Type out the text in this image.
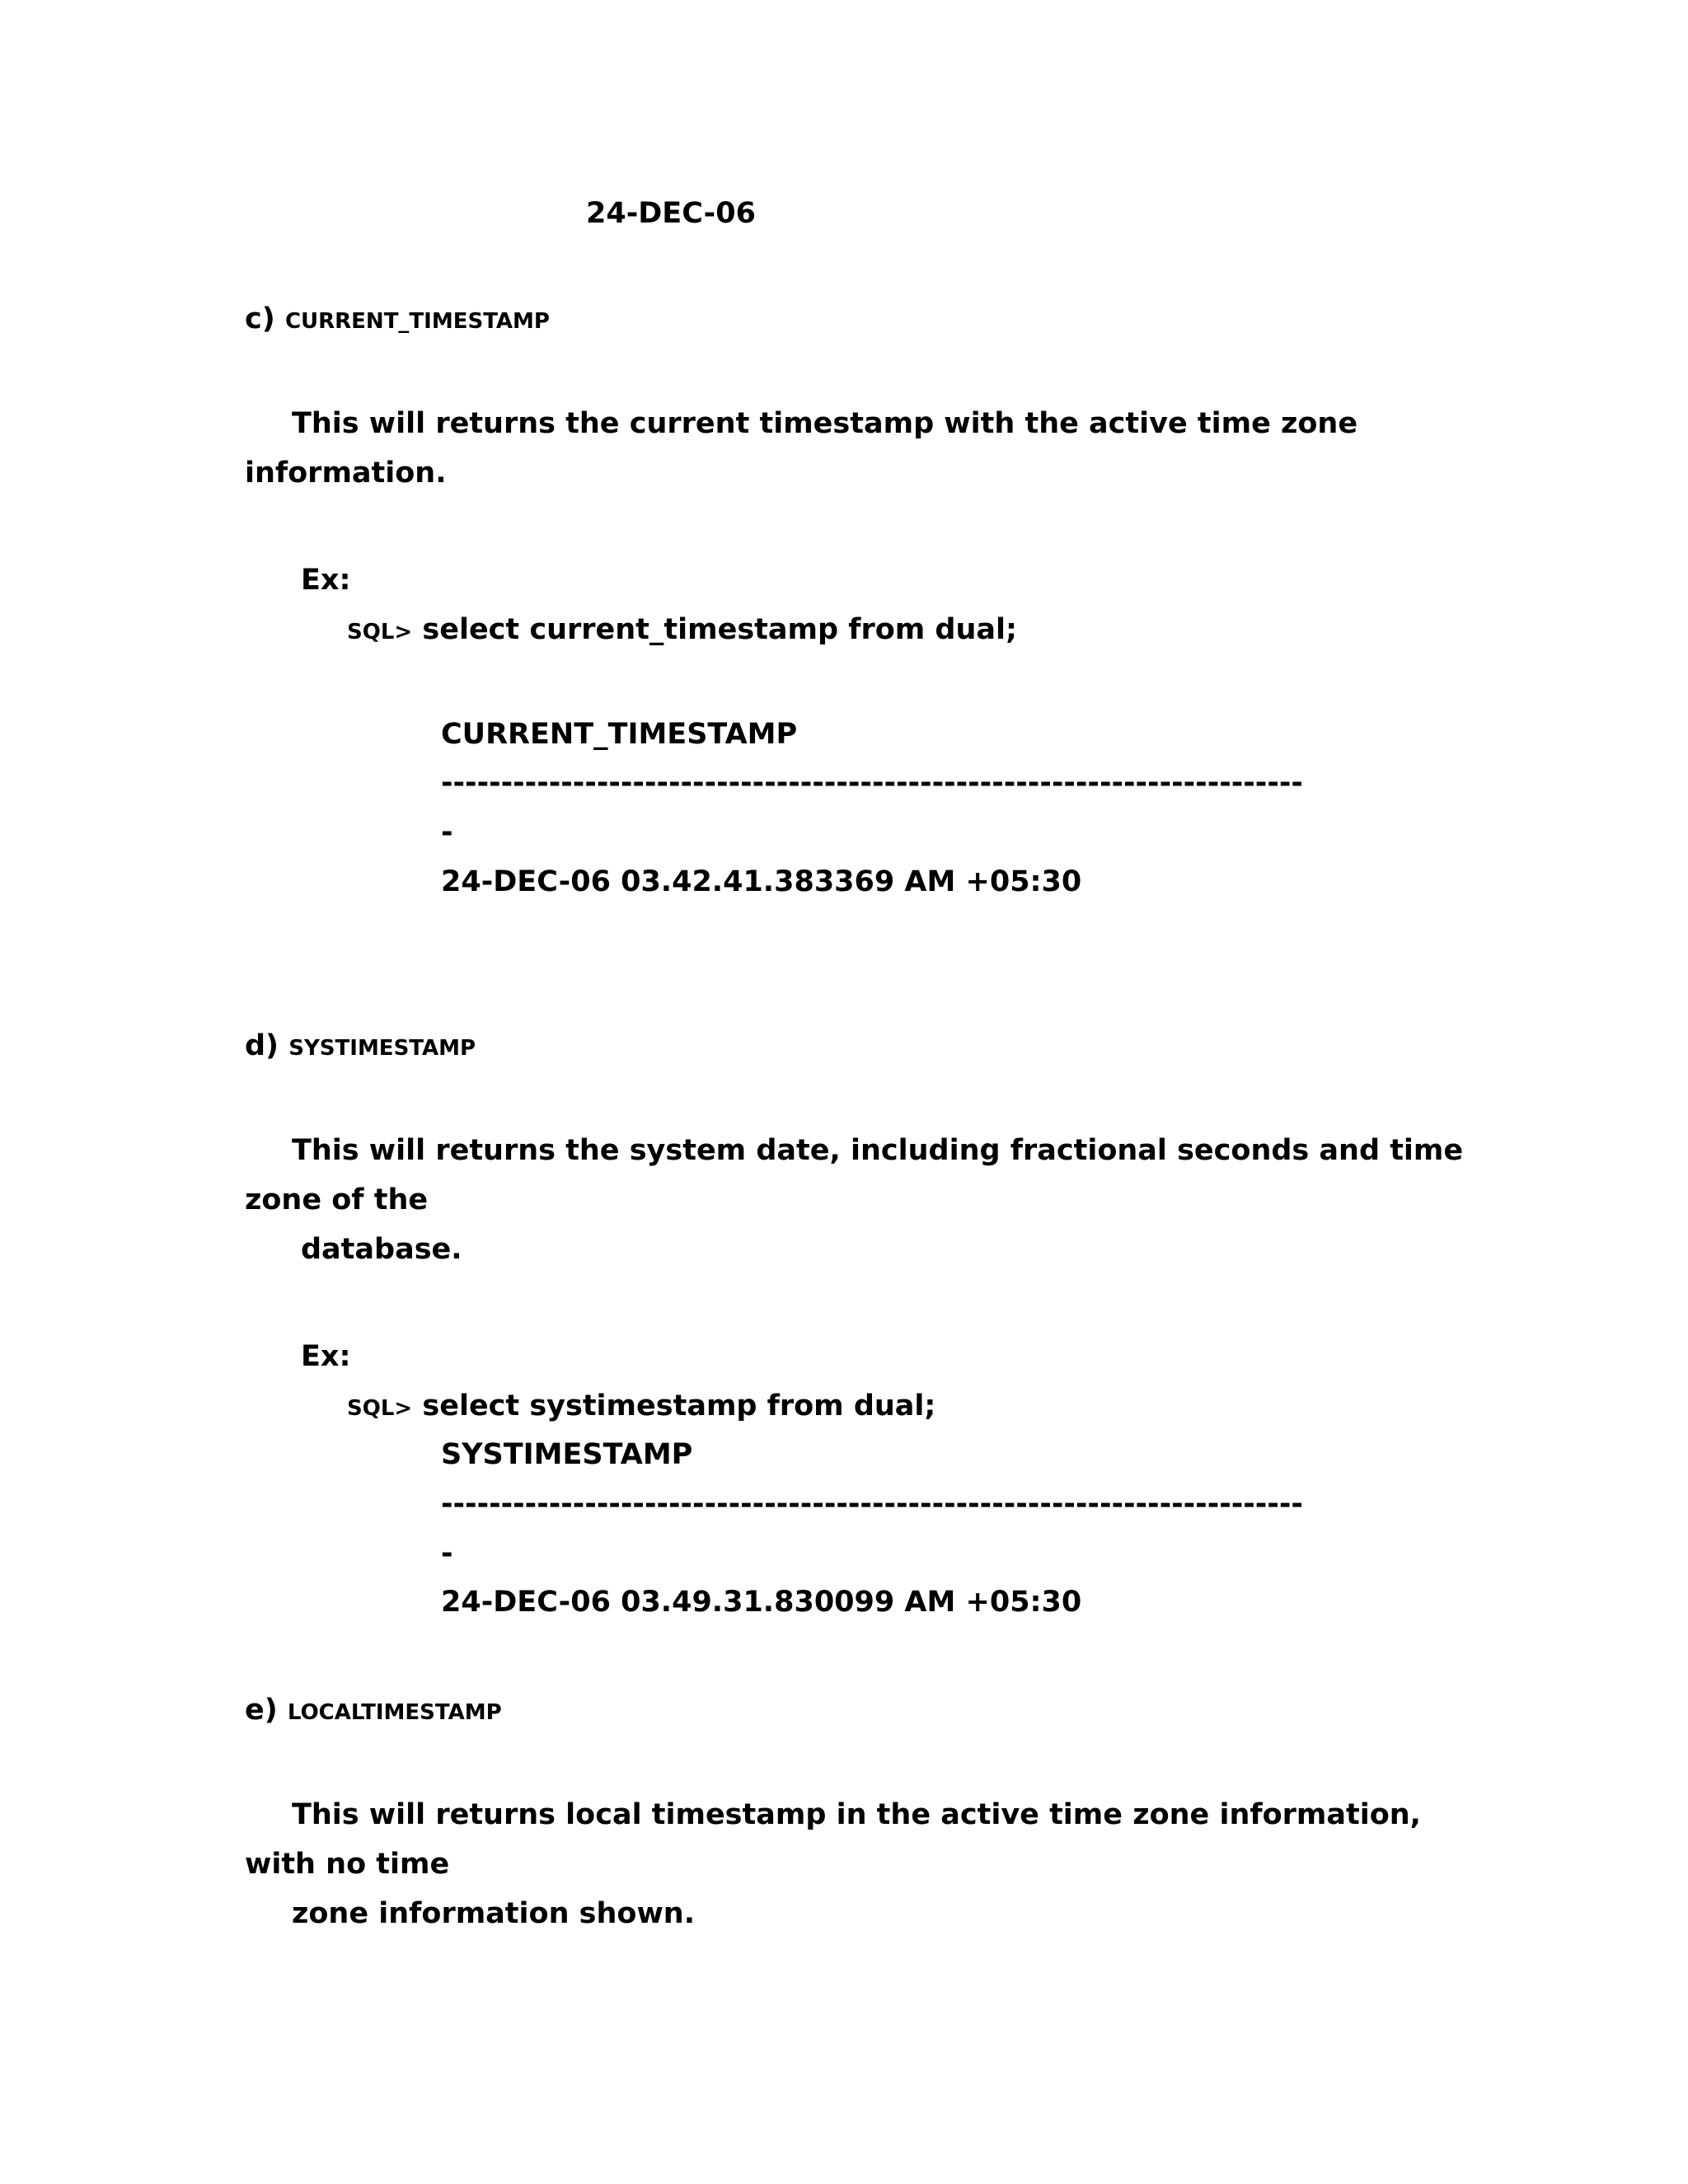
24-DEC-06
c) CURRENT_TIMESTAMP
This will returns the current timestamp with the active time zone
information.
Ex:
SQL> select current_timestamp from dual;
CURRENT_TIMESTAMP
------------------------------------------------------------------------
-
24-DEC-06 03.42.41.383369 AM +05:30
d) SYSTIMESTAMP
This will returns the system date, including fractional seconds and time
zone of the
database.
Ex:
SQL> select systimestamp from dual;
SYSTIMESTAMP
------------------------------------------------------------------------
-
24-DEC-06 03.49.31.830099 AM +05:30
e) LOCALTIMESTAMP
This will returns local timestamp in the active time zone information,
with no time
zone information shown.
